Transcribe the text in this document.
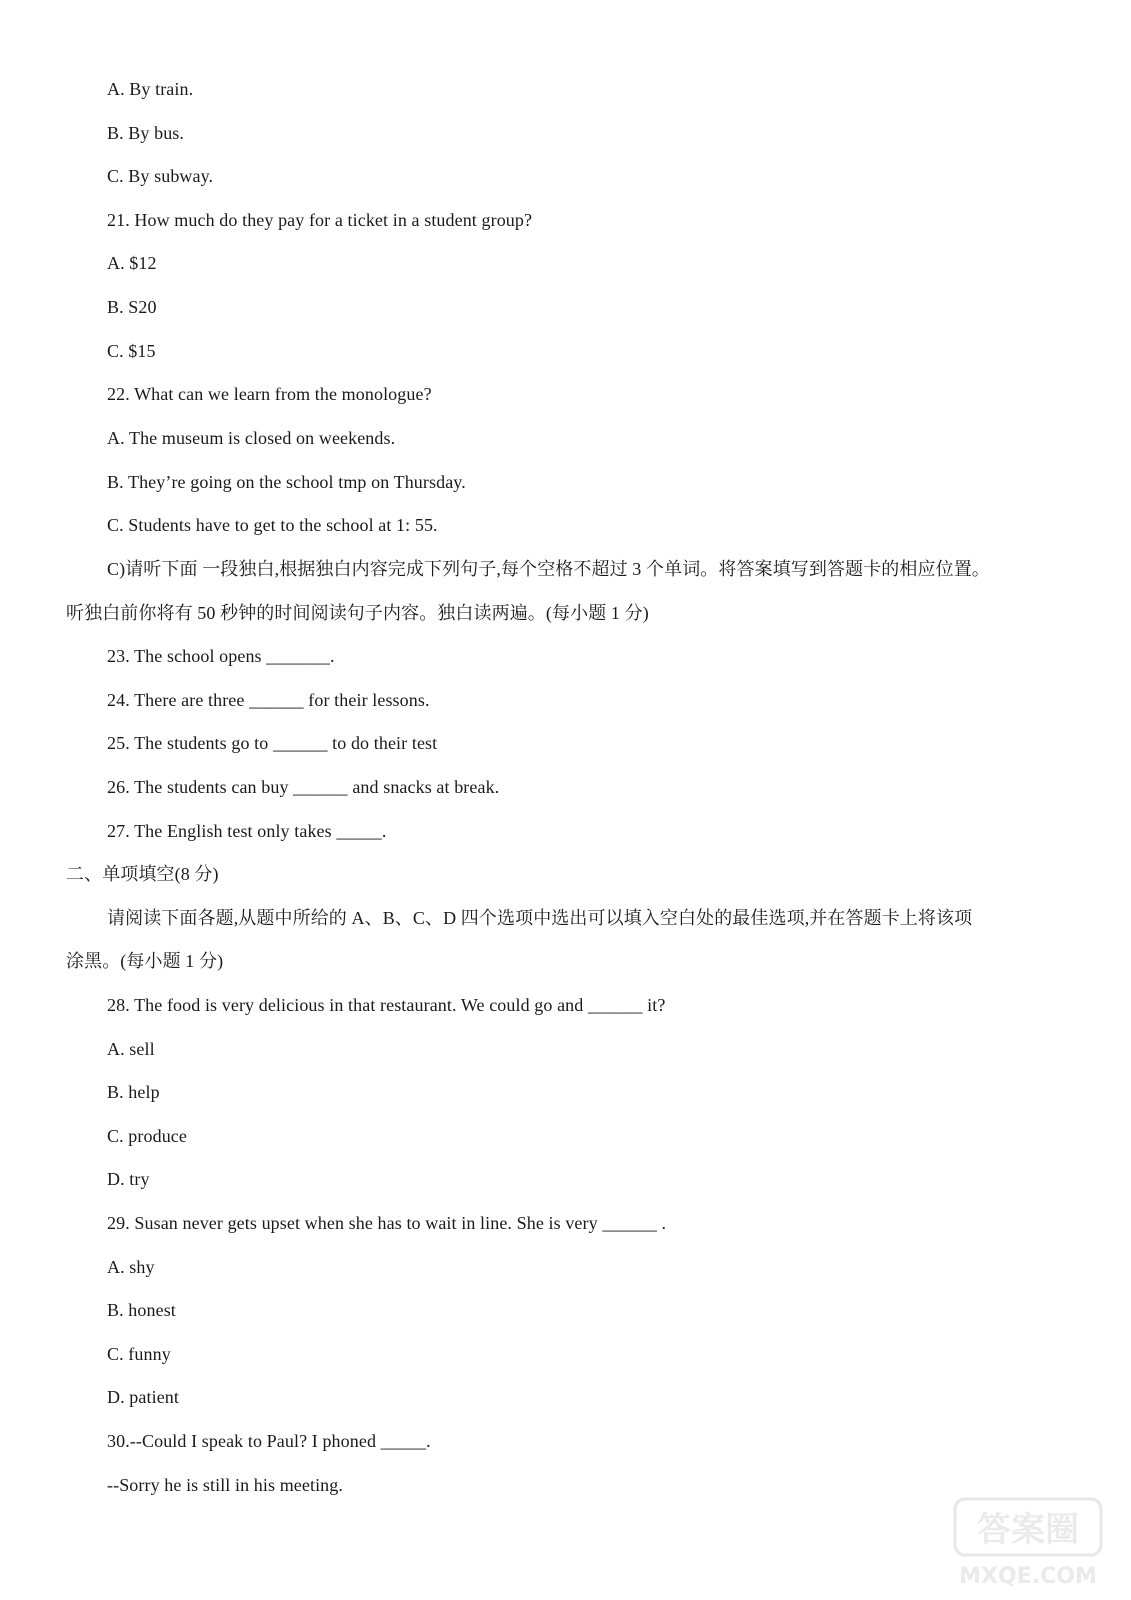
A. By train.
B. By bus.
C. By subway.
21. How much do they pay for a ticket in a student group?
A. $12
B. S20
C. $15
22. What can we learn from the monologue?
A. The museum is closed on weekends.
B. They’re going on the school tmp on Thursday.
C. Students have to get to the school at 1: 55.
C)请听下面 一段独白,根据独白内容完成下列句子,每个空格不超过 3 个单词。将答案填写到答题卡的相应位置。
听独白前你将有 50 秒钟的时间阅读句子内容。独白读两遍。(每小题 1 分)
23. The school opens _______.
24. There are three ______ for their lessons.
25. The students go to ______ to do their test
26. The students can buy ______ and snacks at break.
27. The English test only takes _____.
二、单项填空(8 分)
请阅读下面各题,从题中所给的 A、B、C、D 四个选项中选出可以填入空白处的最佳选项,并在答题卡上将该项
涂黑。(每小题 1 分)
28. The food is very delicious in that restaurant. We could go and ______ it?
A. sell
B. help
C. produce
D. try
29. Susan never gets upset when she has to wait in line. She is very ______ .
A. shy
B. honest
C. funny
D. patient
30.--Could I speak to Paul? I phoned _____.
--Sorry he is still in his meeting.
答案圈
MXQE.COM
